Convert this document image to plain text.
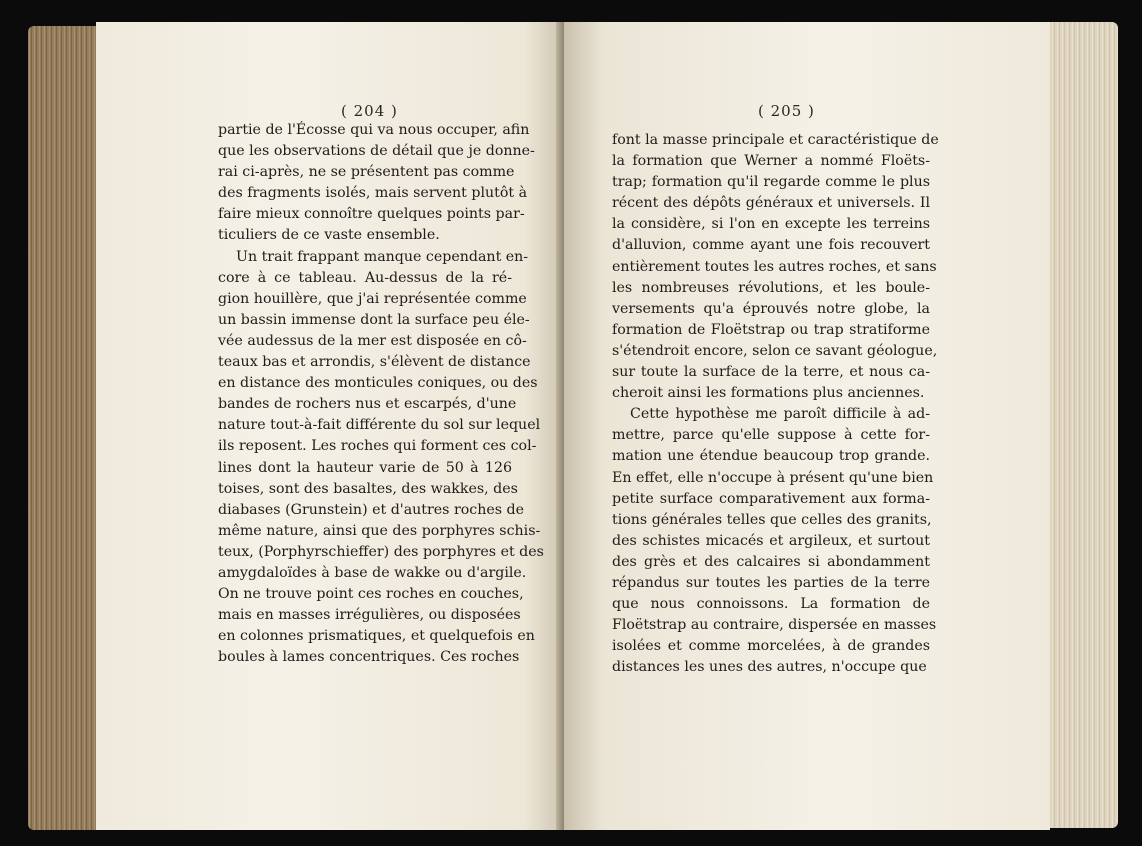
( 204 )
partie de l'Écosse qui va nous occuper, afin
que les observations de détail que je donne-
rai ci-après, ne se présentent pas comme
des fragments isolés, mais servent plutôt à
faire mieux connoître quelques points par-
ticuliers de ce vaste ensemble.
Un trait frappant manque cependant en-
core à ce tableau. Au-dessus de la ré-
gion houillère, que j'ai représentée comme
un bassin immense dont la surface peu éle-
vée audessus de la mer est disposée en cô-
teaux bas et arrondis, s'élèvent de distance
en distance des monticules coniques, ou des
bandes de rochers nus et escarpés, d'une
nature tout-à-fait différente du sol sur lequel
ils reposent. Les roches qui forment ces col-
lines dont la hauteur varie de 50 à 126
toises, sont des basaltes, des wakkes, des
diabases (Grunstein) et d'autres roches de
même nature, ainsi que des porphyres schis-
teux, (Porphyrschieffer) des porphyres et des
amygdaloïdes à base de wakke ou d'argile.
On ne trouve point ces roches en couches,
mais en masses irrégulières, ou disposées
en colonnes prismatiques, et quelquefois en
boules à lames concentriques. Ces roches
( 205 )
font la masse principale et caractéristique de
la formation que Werner a nommé Floëts-
trap; formation qu'il regarde comme le plus
récent des dépôts généraux et universels. Il
la considère, si l'on en excepte les terreins
d'alluvion, comme ayant une fois recouvert
entièrement toutes les autres roches, et sans
les nombreuses révolutions, et les boule-
versements qu'a éprouvés notre globe, la
formation de Floëtstrap ou trap stratiforme
s'étendroit encore, selon ce savant géologue,
sur toute la surface de la terre, et nous ca-
cheroit ainsi les formations plus anciennes.
Cette hypothèse me paroît difficile à ad-
mettre, parce qu'elle suppose à cette for-
mation une étendue beaucoup trop grande.
En effet, elle n'occupe à présent qu'une bien
petite surface comparativement aux forma-
tions générales telles que celles des granits,
des schistes micacés et argileux, et surtout
des grès et des calcaires si abondamment
répandus sur toutes les parties de la terre
que nous connoissons. La formation de
Floëtstrap au contraire, dispersée en masses
isolées et comme morcelées, à de grandes
distances les unes des autres, n'occupe que
